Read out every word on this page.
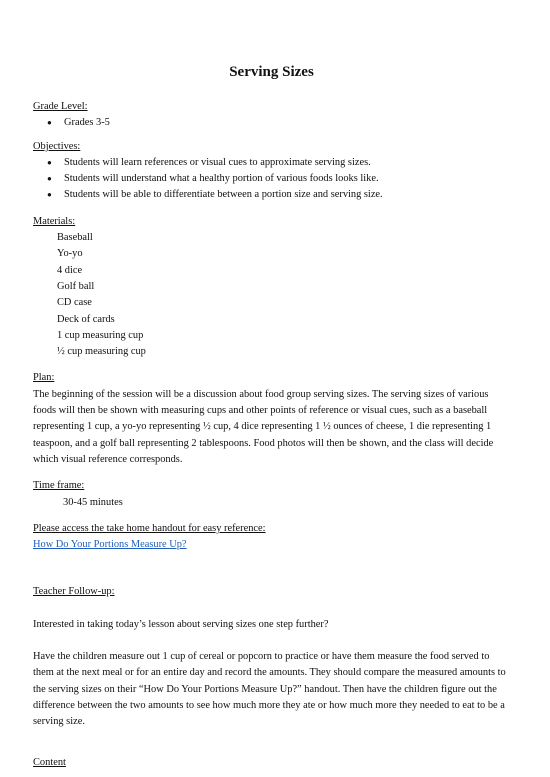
Serving Sizes
Grade Level:
● Grades 3-5
Objectives:
● Students will learn references or visual cues to approximate serving sizes.
● Students will understand what a healthy portion of various foods looks like.
● Students will be able to differentiate between a portion size and serving size.
Materials:
Baseball
Yo-yo
4 dice
Golf ball
CD case
Deck of cards
1 cup measuring cup
½ cup measuring cup
Plan:

The beginning of the session will be a discussion about food group serving sizes. The serving sizes of various foods will then be shown with measuring cups and other points of reference or visual cues, such as a baseball representing 1 cup, a yo-yo representing ½ cup, 4 dice representing 1 ½ ounces of cheese, 1 die representing 1 teaspoon, and a golf ball representing 2 tablespoons. Food photos will then be shown, and the class will decide which visual reference corresponds.

Time frame:
30-45 minutes
Please access the take home handout for easy reference:
How Do Your Portions Measure Up?
Teacher Follow-up:

Interested in taking today’s lesson about serving sizes one step further?

Have the children measure out 1 cup of cereal or popcorn to practice or have them measure the food served to them at the next meal or for an entire day and record the amounts. They should compare the measured amounts to the serving sizes on their “How Do Your Portions Measure Up?” handout. Then have the children figure out the difference between the two amounts to see how much more they ate or how much more they needed to eat to be a serving size.

Content
